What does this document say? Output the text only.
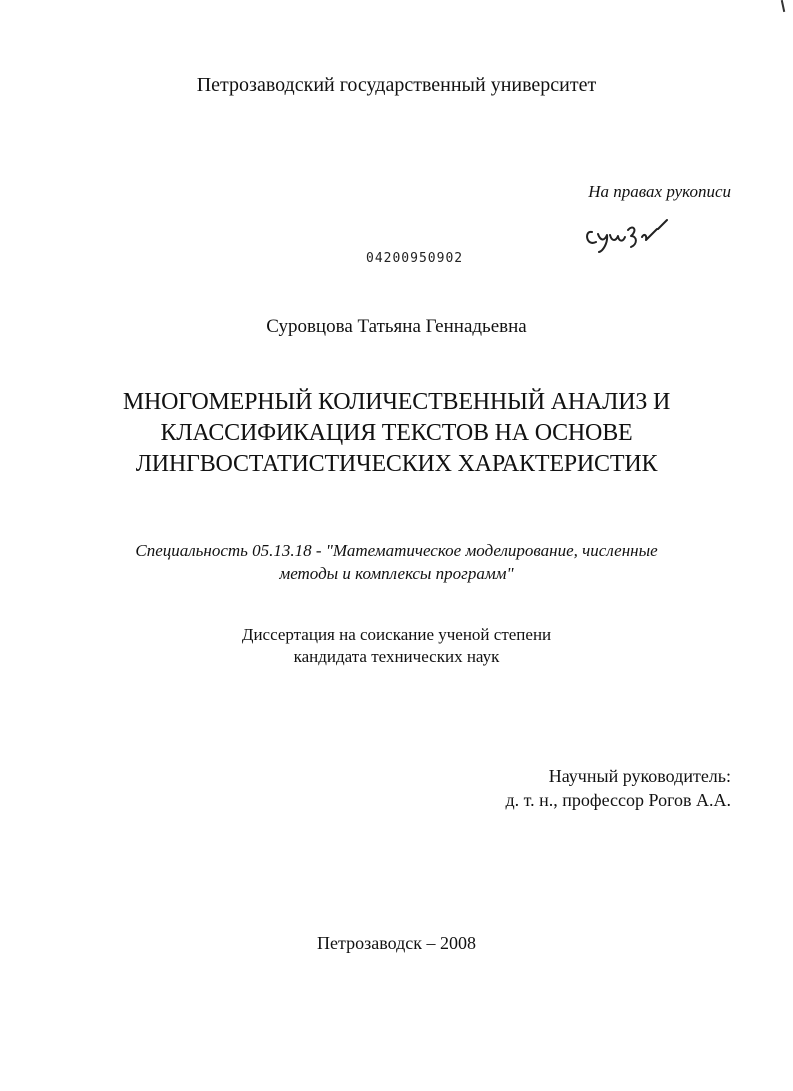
Петрозаводский государственный университет
На правах рукописи
04200950902
Суровцова Татьяна Геннадьевна
МНОГОМЕРНЫЙ КОЛИЧЕСТВЕННЫЙ АНАЛИЗ И
КЛАССИФИКАЦИЯ ТЕКСТОВ НА ОСНОВЕ
ЛИНГВОСТАТИСТИЧЕСКИХ ХАРАКТЕРИСТИК
Специальность 05.13.18 - "Математическое моделирование, численные
методы и комплексы программ"
Диссертация на соискание ученой степени
кандидата технических наук
Научный руководитель:
д. т. н., профессор Рогов А.А.
Петрозаводск – 2008
